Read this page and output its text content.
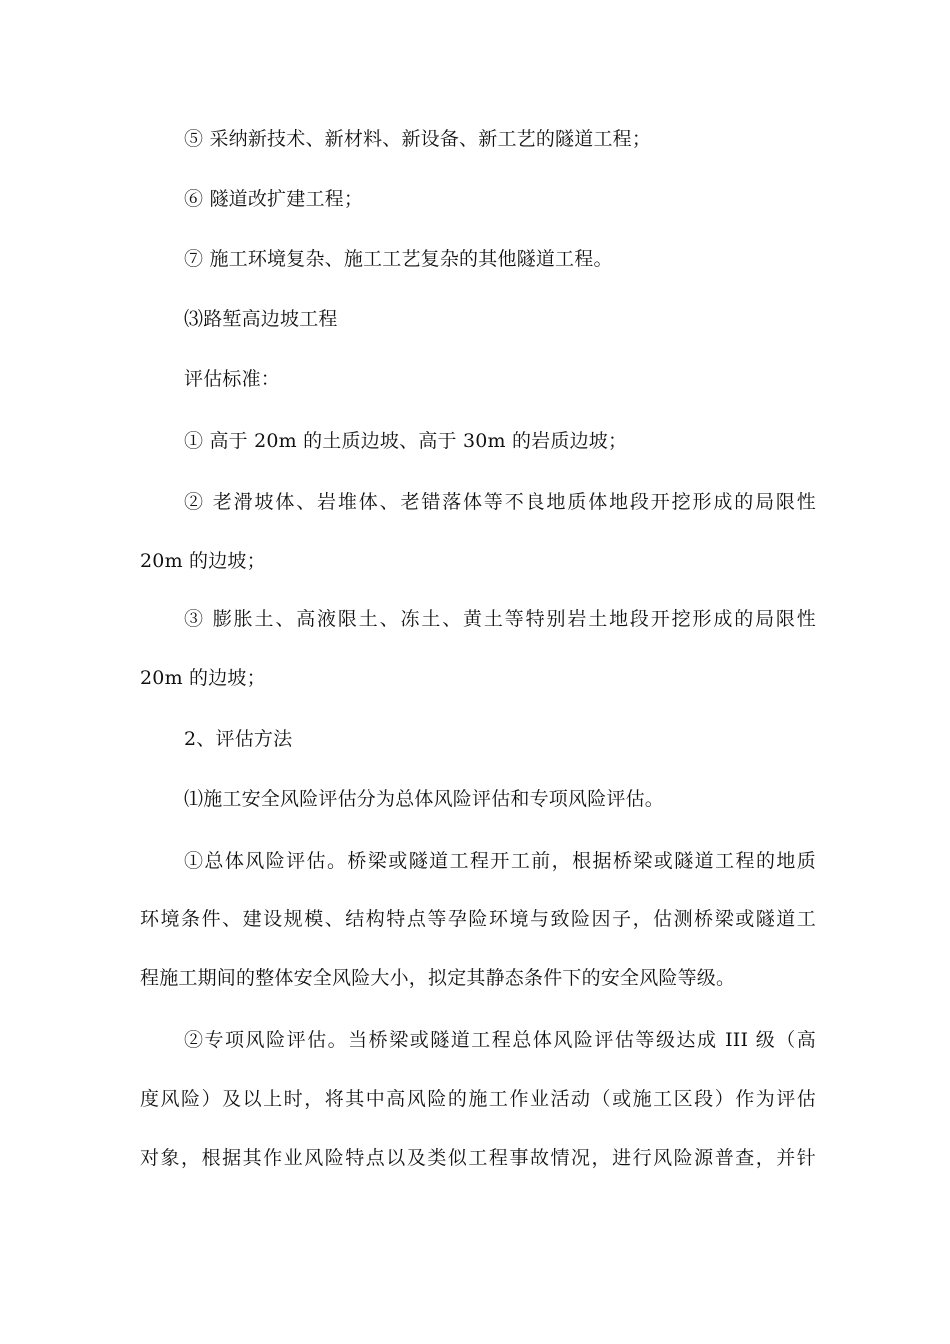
⑤ 采纳新技术、新材料、新设备、新工艺的隧道工程；
⑥ 隧道改扩建工程；
⑦ 施工环境复杂、施工工艺复杂的其他隧道工程。
⑶路堑高边坡工程
评估标准：
① 高于 20m 的土质边坡、高于 30m 的岩质边坡；
② 老滑坡体、岩堆体、老错落体等不良地质体地段开挖形成的局限性
20m 的边坡；
③ 膨胀土、高液限土、冻土、黄土等特别岩土地段开挖形成的局限性
20m 的边坡；
2、评估方法
⑴施工安全风险评估分为总体风险评估和专项风险评估。
①总体风险评估。桥梁或隧道工程开工前，根据桥梁或隧道工程的地质
环境条件、建设规模、结构特点等孕险环境与致险因子，估测桥梁或隧道工
程施工期间的整体安全风险大小，拟定其静态条件下的安全风险等级。
②专项风险评估。当桥梁或隧道工程总体风险评估等级达成 III 级（高
度风险）及以上时，将其中高风险的施工作业活动（或施工区段）作为评估
对象，根据其作业风险特点以及类似工程事故情况，进行风险源普查，并针
